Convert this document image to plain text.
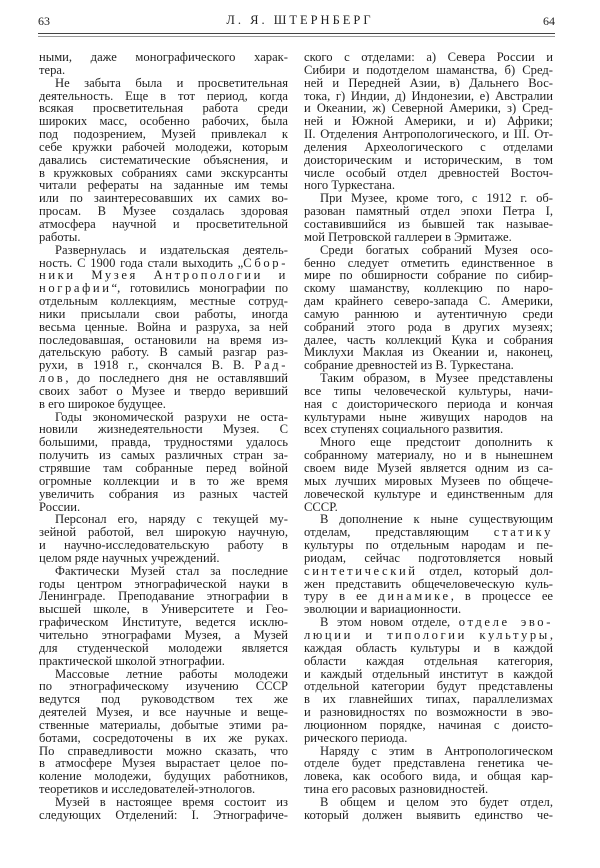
63	Л. Я. ШТЕРНБЕРГ	64
ными, даже монографического харак-
тера.
Не забыта была и просветительная
деятельность. Еще в тот период, когда
всякая просветительная работа среди
широких масс, особенно рабочих, была
под подозрением, Музей привлекал к
себе кружки рабочей молодежи, которым
давались систематические объяснения, и
в кружковых собраниях сами экскурсанты
читали рефераты на заданные им темы
или по заинтересовавших их самих во-
просам. В Музее создалась здоровая
атмосфера научной и просветительной
работы.
Развернулась и издательская деятель-
ность. С 1900 года стали выходить „Сбор-
ники Музея Антропологии и
нографии“, готовились монографии по
отдельным коллекциям, местные сотруд-
ники присылали свои работы, иногда
весьма ценные. Война и разруха, за ней
последовавшая, остановили на время из-
дательскую работу. В самый разгар раз-
рухи, в 1918 г., скончался В. В. Рад-
лов, до последнего дня не оставлявший
своих забот о Музее и твердо веривший
в его широкое будущее.
Годы экономической разрухи не оста-
новили жизнедеятельности Музея. С
большими, правда, трудностями удалось
получить из самых различных стран за-
стрявшие там собранные перед войной
огромные коллекции и в то же время
увеличить собрания из разных частей
России.
Персонал его, наряду с текущей му-
зейной работой, вел широкую научную,
и научно-исследовательскую работу в
целом ряде научных учреждений.
Фактически Музей стал за последние
годы центром этнографической науки в
Ленинграде. Преподавание этнографии в
высшей школе, в Университете и Гео-
графическом Институте, ведется исклю-
чительно этнографами Музея, а Музей
для студенческой молодежи является
практической школой этнографии.
Массовые летние работы молодежи
по этнографическому изучению СССР
ведутся под руководством тех же
деятелей Музея, и все научные и веще-
ственные материалы, добытые этими ра-
ботами, сосредоточены в их же руках.
По справедливости можно сказать, что
в атмосфере Музея вырастает целое по-
коление молодежи, будущих работников,
теоретиков и исследователей-этнологов.
Музей в настоящее время состоит из
следующих Отделений: I. Этнографиче-
ского с отделами: а) Севера России и
Сибири и подотделом шаманства, б) Сред-
ней и Передней Азии, в) Дальнего Вос-
тока, г) Индии, д) Индонезии, е) Австралии
и Океании, ж) Северной Америки, з) Сред-
ней и Южной Америки, и и) Африки;
II. Отделения Антропологического, и III. От-
деления Археологического с отделами
доисторическим и историческим, в том
числе особый отдел древностей Восточ-
ного Туркестана.
При Музее, кроме того, с 1912 г. об-
разован памятный отдел эпохи Петра I,
составившийся из бывшей так называе-
мой Петровской галлереи в Эрмитаже.
Среди богатых собраний Музея осо-
бенно следует отметить единственное в
мире по обширности собрание по сибир-
скому шаманству, коллекцию по наро-
дам крайнего северо-запада С. Америки,
самую раннюю и аутентичную среди
собраний этого рода в других музеях;
далее, часть коллекций Кука и собрания
Миклухи Маклая из Океании и, наконец,
собрание древностей из В. Туркестана.
Таким образом, в Музее представлены
все типы человеческой культуры, начи-
ная с доисторического периода и кончая
культурами ныне живущих народов на
всех ступенях социального развития.
Много еще предстоит дополнить к
собранному материалу, но и в нынешнем
своем виде Музей является одним из са-
мых лучших мировых Музеев по общече-
ловеческой культуре и единственным для
СССР.
В дополнение к ныне существующим
отделам, представляющим статику
культуры по отдельным народам и пе-
риодам, сейчас подготовляется новый
синтетический отдел, который дол-
жен представить общечеловеческую куль-
туру в ее динамике, в процессе ее
эволюции и вариационности.
В этом новом отделе, отделе эво-
люции и типологии культуры,
каждая область культуры и в каждой
области каждая отдельная категория,
и каждый отдельный институт в каждой
отдельной категории будут представлены
в их главнейших типах, параллелизмах
и разновидностях по возможности в эво-
люционном порядке, начиная с доисто-
рического периода.
Наряду с этим в Антропологическом
отделе будет представлена генетика че-
ловека, как особого вида, и общая кар-
тина его расовых разновидностей.
В общем и целом это будет отдел,
который должен выявить единство че-
